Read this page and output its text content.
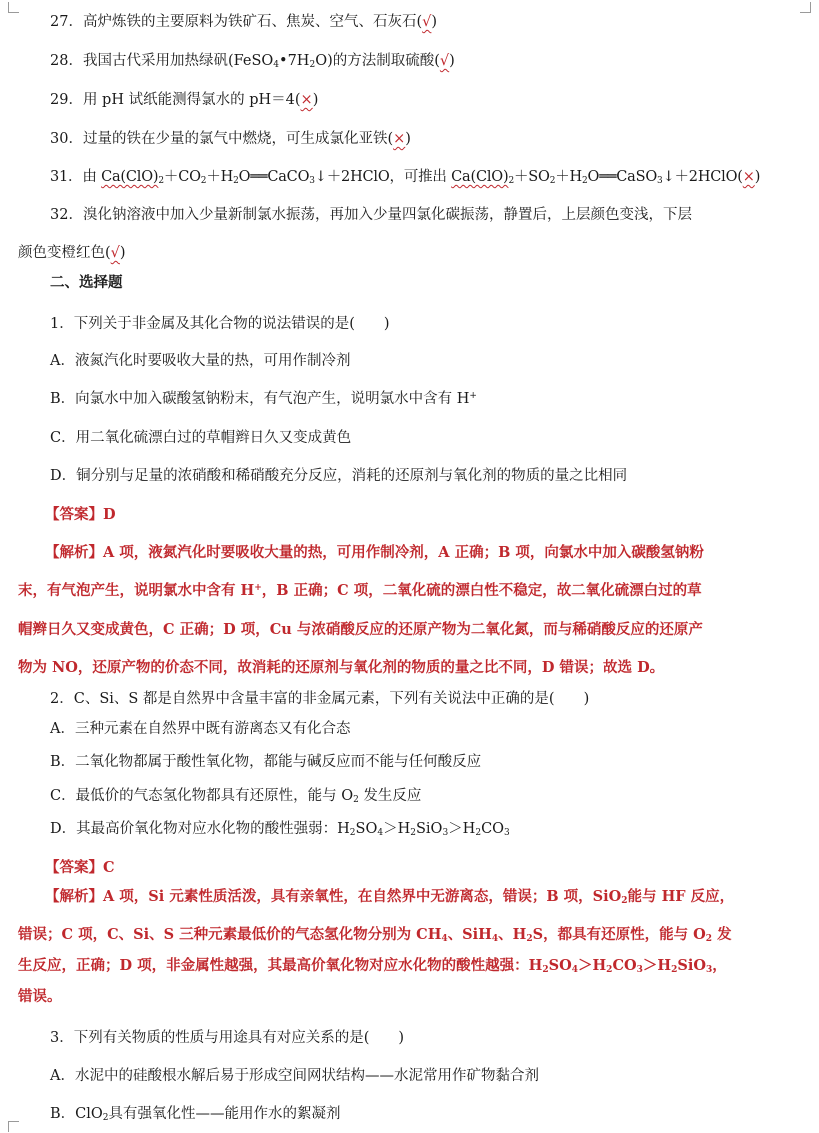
27．高炉炼铁的主要原料为铁矿石、焦炭、空气、石灰石(√)
28．我国古代采用加热绿矾$(FeSO_4•7H_2O)$的方法制取硫酸(√)
29．用 pH 试纸能测得氯水的 pH＝4(×)
30．过量的铁在少量的氯气中燃烧，可生成氯化亚铁(×)
31．由 $Ca(ClO)_2+CO_2+H_2O══CaCO_3↓+2HClO$，可推出 $Ca(ClO)_2+SO_2+H_2O══CaSO_3↓+2HClO(\times)$
32．溴化钠溶液中加入少量新制氯水振荡，再加入少量四氯化碳振荡，静置后，上层颜色变浅，下层
颜色变橙红色(√)
二、选择题
1．下列关于非金属及其化合物的说法错误的是(　　)
A．液氮汽化时要吸收大量的热，可用作制冷剂
B．向氯水中加入碳酸氢钠粉末，有气泡产生，说明氯水中含有 H+
C．用二氧化硫漂白过的草帽辫日久又变成黄色
D．铜分别与足量的浓硝酸和稀硝酸充分反应，消耗的还原剂与氧化剂的物质的量之比相同
【答案】D
【解析】A 项，液氮汽化时要吸收大量的热，可用作制冷剂，A 正确；B 项，向氯水中加入碳酸氢钠粉
末，有气泡产生，说明氯水中含有 H+，B 正确；C 项，二氧化硫的漂白性不稳定，故二氧化硫漂白过的草
帽辫日久又变成黄色，C 正确；D 项，Cu 与浓硝酸反应的还原产物为二氧化氮，而与稀硝酸反应的还原产
物为 NO，还原产物的价态不同，故消耗的还原剂与氧化剂的物质的量之比不同，D 错误；故选 D。
2．C、Si、S 都是自然界中含量丰富的非金属元素，下列有关说法中正确的是(　　)
A．三种元素在自然界中既有游离态又有化合态
B．二氧化物都属于酸性氧化物，都能与碱反应而不能与任何酸反应
C．最低价的气态氢化物都具有还原性，能与 $O_2$ 发生反应
D．其最高价氧化物对应水化物的酸性强弱：$H_2SO_4>H_2SiO_3>H_2CO_3$
【答案】C
【解析】A 项，Si 元素性质活泼，具有亲氧性，在自然界中无游离态，错误；B 项，SiO$_2$能与 HF 反应，
错误；C 项，C、Si、S 三种元素最低价的气态氢化物分别为 $CH_4$、SiH$_4$、$H_2S$，都具有还原性，能与 $O_2$ 发
生反应，正确；D 项，非金属性越强，其最高价氧化物对应水化物的酸性越强：$H_2SO_4>H_2CO_3>H_2SiO_3$，
错误。
3．下列有关物质的性质与用途具有对应关系的是(　　)
A．水泥中的硅酸根水解后易于形成空间网状结构——水泥常用作矿物黏合剂
B．ClO$_2$具有强氧化性——能用作水的絮凝剂
